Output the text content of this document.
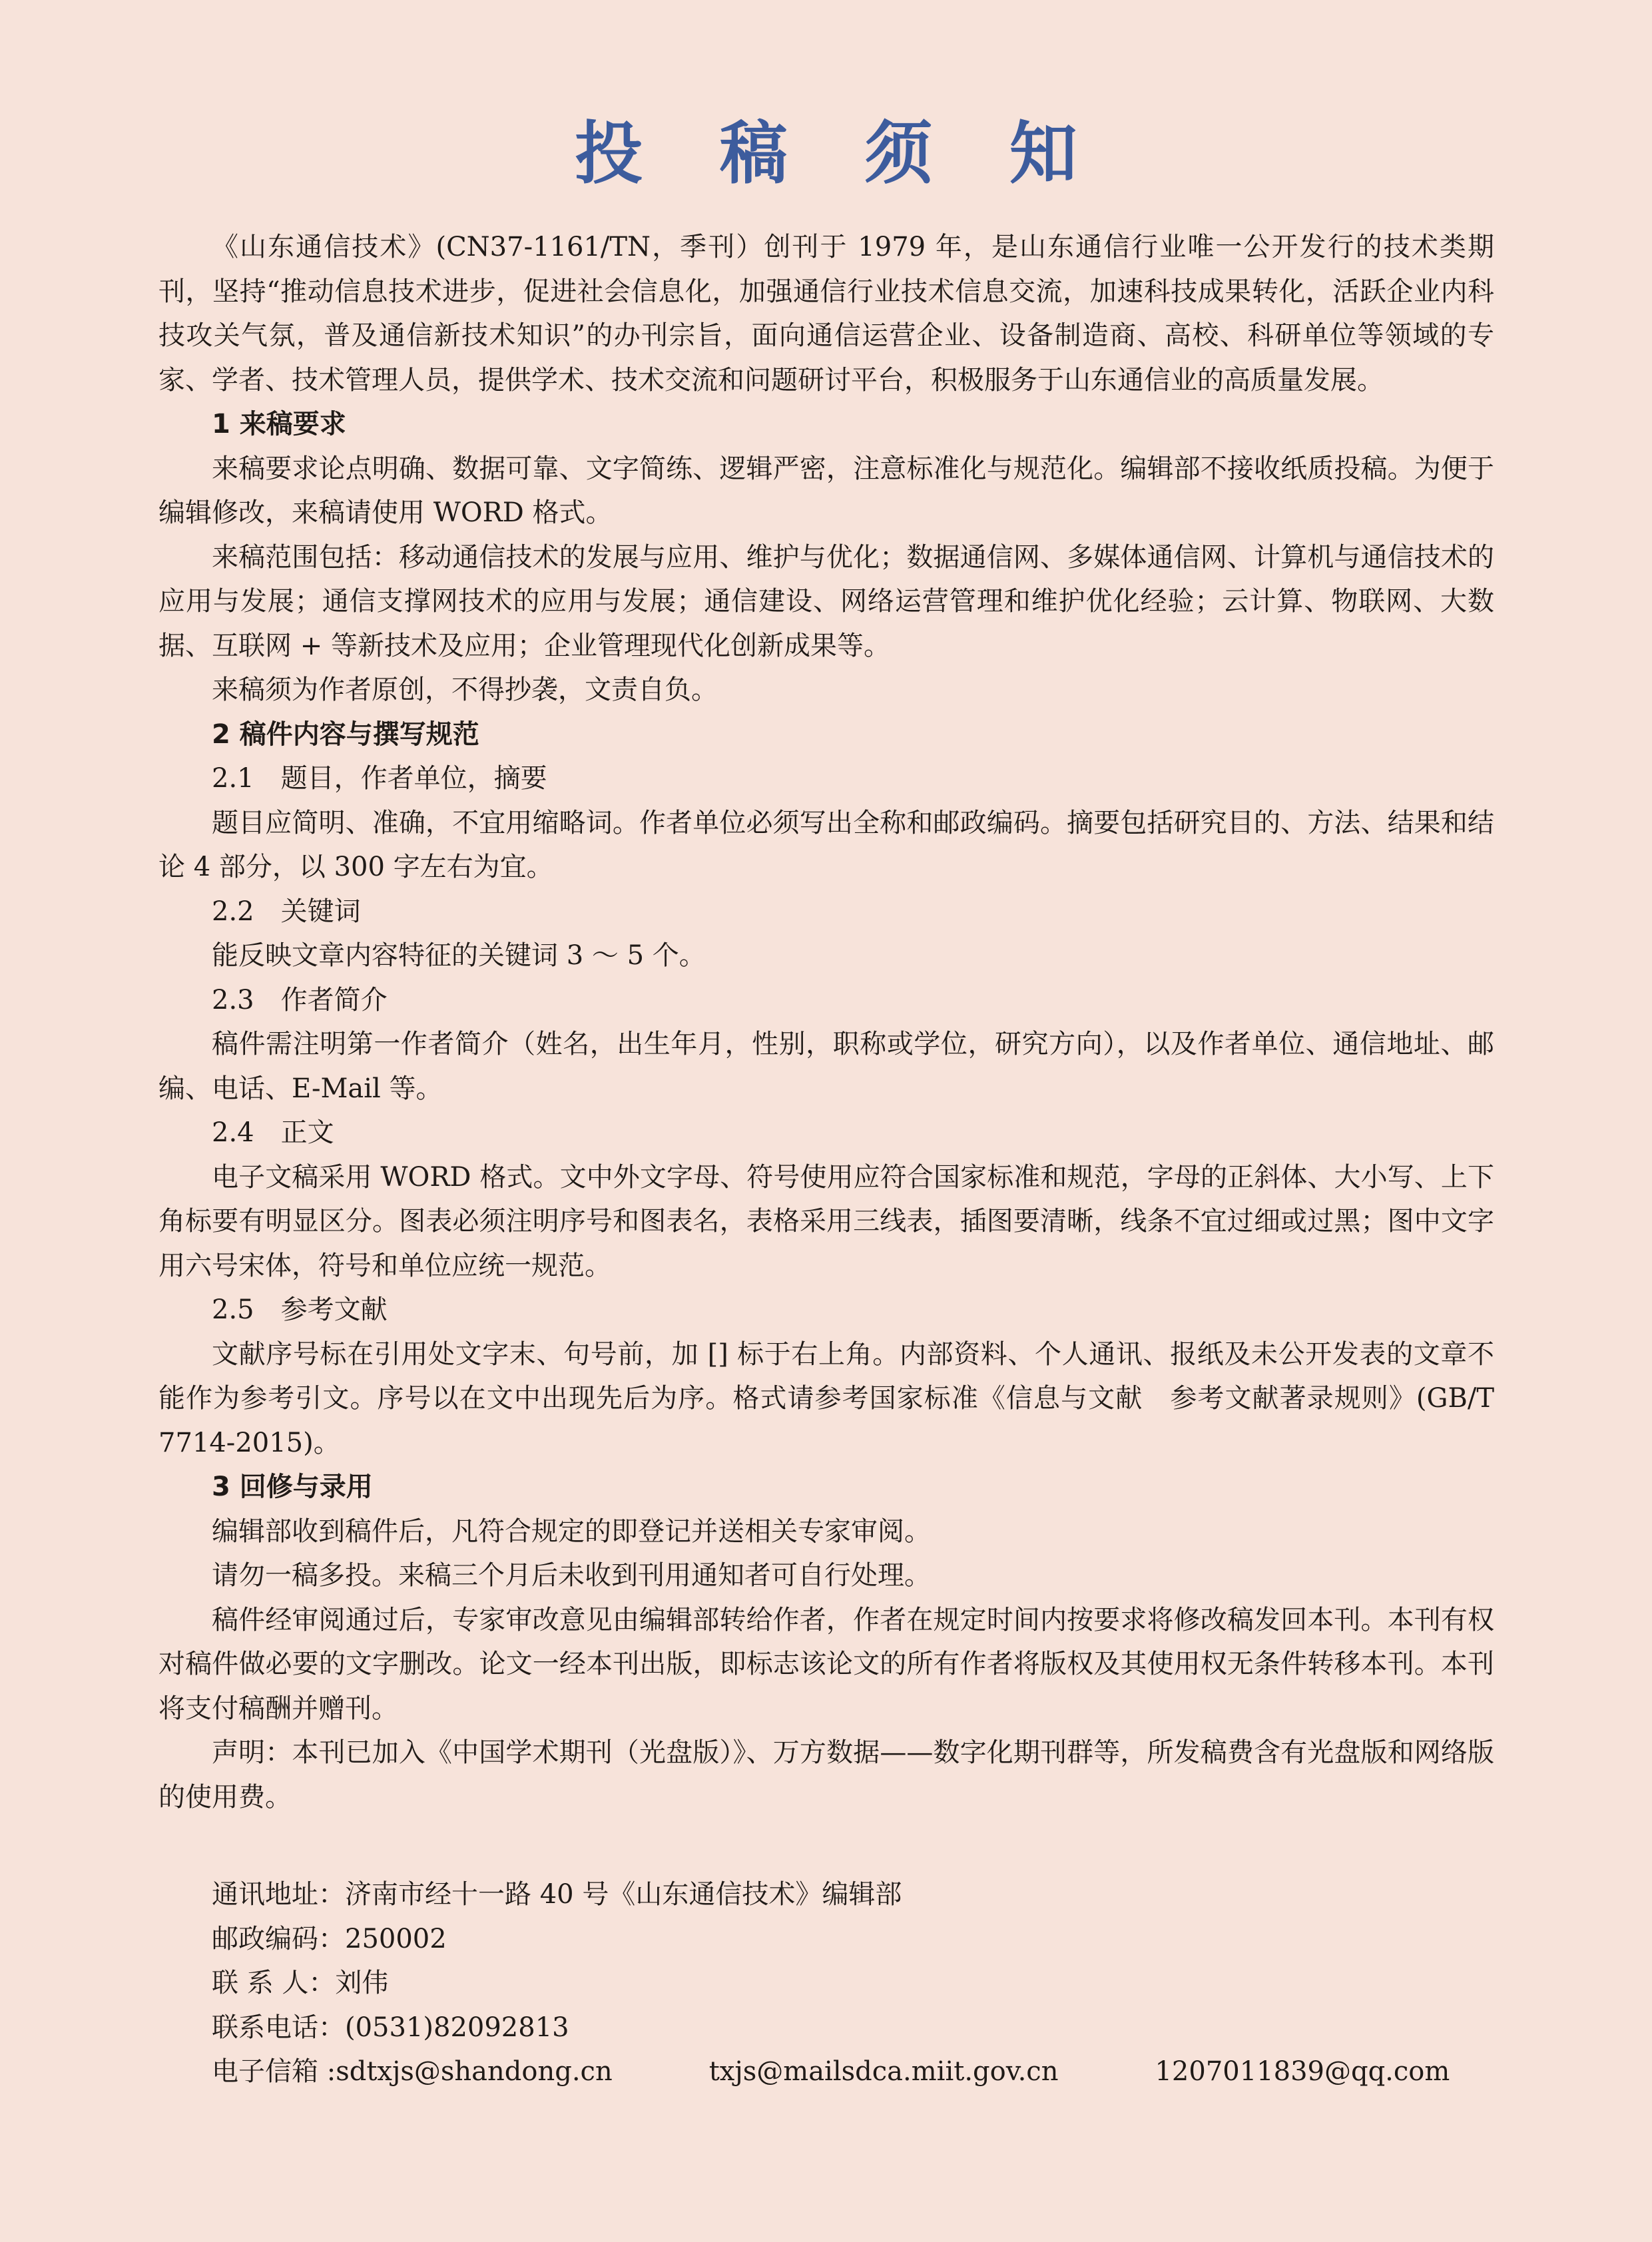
投 稿 须 知

《山东通信技术》(CN37-1161/TN，季刊）创刊于 1979 年，是山东通信行业唯一公开发行的技术类期刊，坚持“推动信息技术进步，促进社会信息化，加强通信行业技术信息交流，加速科技成果转化，活跃企业内科技攻关气氛，普及通信新技术知识”的办刊宗旨，面向通信运营企业、设备制造商、高校、科研单位等领域的专家、学者、技术管理人员，提供学术、技术交流和问题研讨平台，积极服务于山东通信业的高质量发展。

1 来稿要求

来稿要求论点明确、数据可靠、文字简练、逻辑严密，注意标准化与规范化。编辑部不接收纸质投稿。为便于编辑修改，来稿请使用 WORD 格式。

来稿范围包括：移动通信技术的发展与应用、维护与优化；数据通信网、多媒体通信网、计算机与通信技术的应用与发展；通信支撑网技术的应用与发展；通信建设、网络运营管理和维护优化经验；云计算、物联网、大数据、互联网 + 等新技术及应用；企业管理现代化创新成果等。

来稿须为作者原创，不得抄袭，文责自负。

2 稿件内容与撰写规范

2.1　题目，作者单位，摘要

题目应简明、准确，不宜用缩略词。作者单位必须写出全称和邮政编码。摘要包括研究目的、方法、结果和结论 4 部分，以 300 字左右为宜。

2.2　关键词

能反映文章内容特征的关键词 3 ～ 5 个。

2.3　作者简介

稿件需注明第一作者简介（姓名，出生年月，性别，职称或学位，研究方向），以及作者单位、通信地址、邮编、电话、E-Mail 等。

2.4　正文

电子文稿采用 WORD 格式。文中外文字母、符号使用应符合国家标准和规范，字母的正斜体、大小写、上下角标要有明显区分。图表必须注明序号和图表名，表格采用三线表，插图要清晰，线条不宜过细或过黑；图中文字用六号宋体，符号和单位应统一规范。

2.5　参考文献

文献序号标在引用处文字末、句号前，加 [] 标于右上角。内部资料、个人通讯、报纸及未公开发表的文章不能作为参考引文。序号以在文中出现先后为序。格式请参考国家标准《信息与文献　参考文献著录规则》(GB/T 7714-2015)。

3 回修与录用

编辑部收到稿件后，凡符合规定的即登记并送相关专家审阅。

请勿一稿多投。来稿三个月后未收到刊用通知者可自行处理。

稿件经审阅通过后，专家审改意见由编辑部转给作者，作者在规定时间内按要求将修改稿发回本刊。本刊有权对稿件做必要的文字删改。论文一经本刊出版，即标志该论文的所有作者将版权及其使用权无条件转移本刊。本刊将支付稿酬并赠刊。

声明：本刊已加入《中国学术期刊（光盘版）》、万方数据——数字化期刊群等，所发稿费含有光盘版和网络版的使用费。

通讯地址：济南市经十一路 40 号《山东通信技术》编辑部
邮政编码：250002
联 系 人：刘伟
联系电话：(0531)82092813
电子信箱 :sdtxjs@shandong.cn	txjs@mailsdca.miit.gov.cn	1207011839@qq.com
